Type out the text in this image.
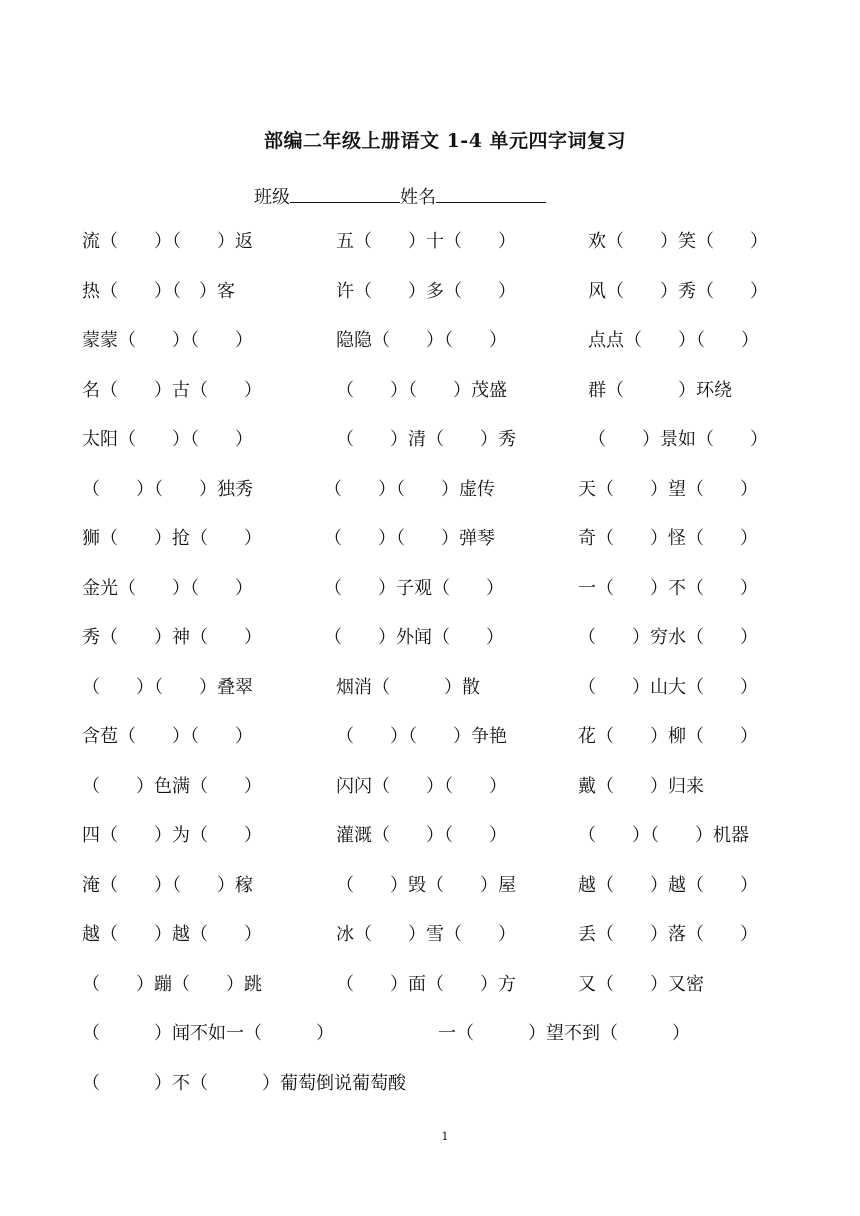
部编二年级上册语文 1-4 单元四字词复习
班级	姓名

流（　　）（　　）返

	五（　　）十（　　）

	欢（　　）笑（　　）

热（　　）（　）客

	许（　　）多（　　）

	风（　　）秀（　　）

蒙蒙（　　）（　　）

	隐隐（　　）（　　）

	点点（　　）（　　）

名（　　）古（　　）

	（　　）（　　）茂盛

	群（　　　）环绕

太阳（　　）（　　）

	（　　）清（　　）秀

	（　　）景如（　　）

（　　）（　　）独秀

	（　　）（　　）虚传

	天（　　）望（　　）

狮（　　）抢（　　）

	（　　）（　　）弹琴

	奇（　　）怪（　　）

金光（　　）（　　）

	（　　）子观（　　）

	一（　　）不（　　）

秀（　　）神（　　）

	（　　）外闻（　　）

	（　　）穷水（　　）

（　　）（　　）叠翠

	烟消（　　　）散

	（　　）山大（　　）

含苞（　　）（　　）

	（　　）（　　）争艳

	花（　　）柳（　　）

（　　）色满（　　）

	闪闪（　　）（　　）

	戴（　　）归来

四（　　）为（　　）

	灌溉（　　）（　　）

	（　　）（　　）机器

淹（　　）（　　）稼

	（　　）毁（　　）屋

	越（　　）越（　　）

越（　　）越（　　）

	冰（　　）雪（　　）

	丢（　　）落（　　）

（　　）蹦（　　）跳

	（　　）面（　　）方

	又（　　）又密

（　　　）闻不如一（　　　）

	一（　　　）望不到（　　　）

（　　　）不（　　　）葡萄倒说葡萄酸

1
